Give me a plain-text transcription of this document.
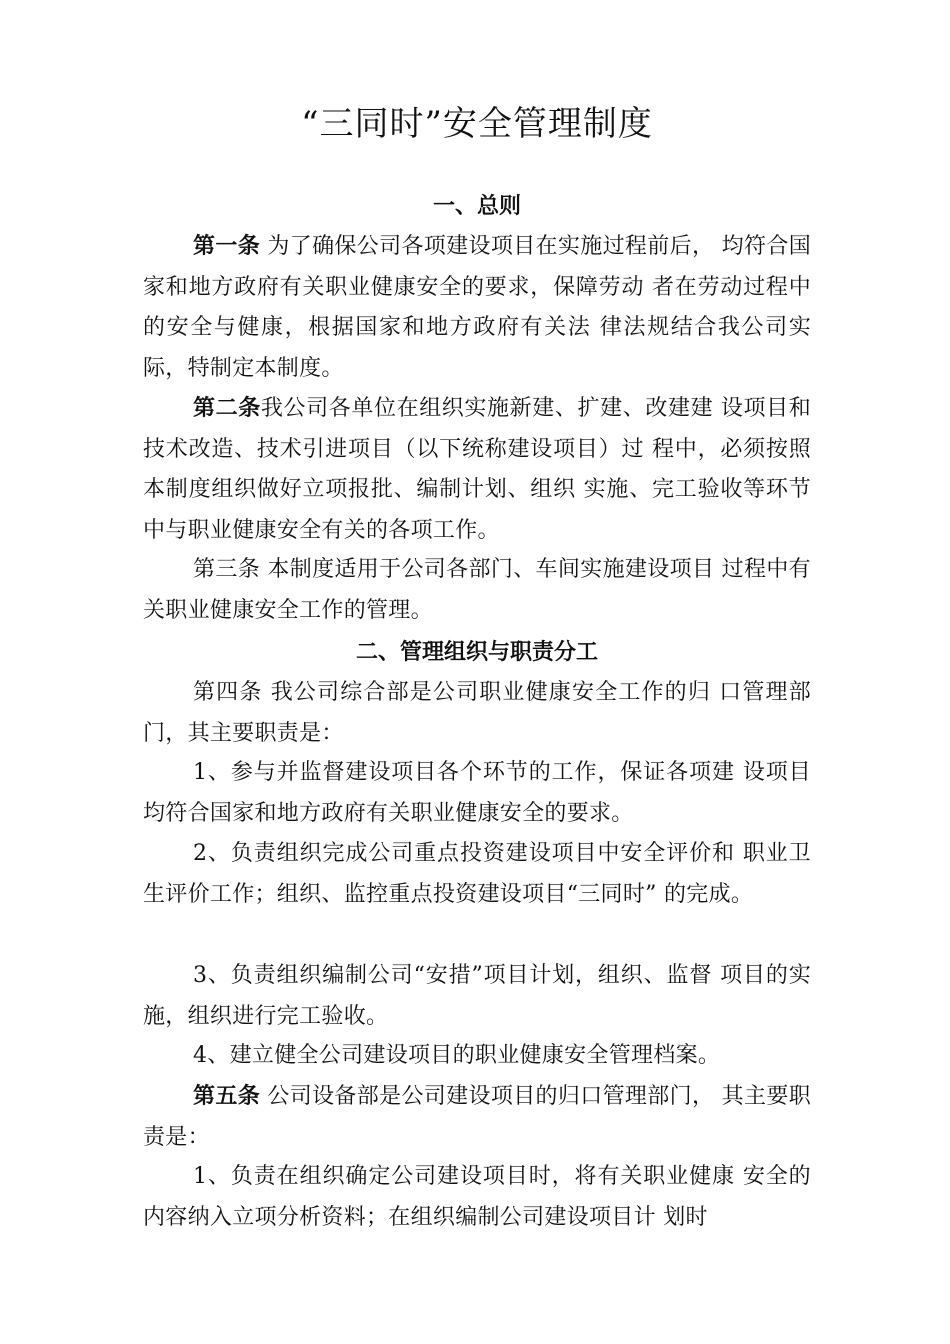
“三同时”安全管理制度
一、总则

第一条 为了确保公司各项建设项目在实施过程前后， 均符合国家和地方政府有关职业健康安全的要求，保障劳动 者在劳动过程中的安全与健康，根据国家和地方政府有关法 律法规结合我公司实际，特制定本制度。

第二条我公司各单位在组织实施新建、扩建、改建建 设项目和技术改造、技术引进项目（以下统称建设项目）过 程中，必须按照本制度组织做好立项报批、编制计划、组织 实施、完工验收等环节中与职业健康安全有关的各项工作。

第三条 本制度适用于公司各部门、车间实施建设项目 过程中有关职业健康安全工作的管理。

二、管理组织与职责分工

第四条 我公司综合部是公司职业健康安全工作的归 口管理部门，其主要职责是：

1、参与并监督建设项目各个环节的工作，保证各项建 设项目均符合国家和地方政府有关职业健康安全的要求。

2、负责组织完成公司重点投资建设项目中安全评价和 职业卫生评价工作；组织、监控重点投资建设项目“三同时” 的完成。

3、负责组织编制公司“安措”项目计划，组织、监督 项目的实施，组织进行完工验收。

4、建立健全公司建设项目的职业健康安全管理档案。

第五条 公司设备部是公司建设项目的归口管理部门， 其主要职责是：

1、负责在组织确定公司建设项目时，将有关职业健康 安全的内容纳入立项分析资料；在组织编制公司建设项目计 划时
